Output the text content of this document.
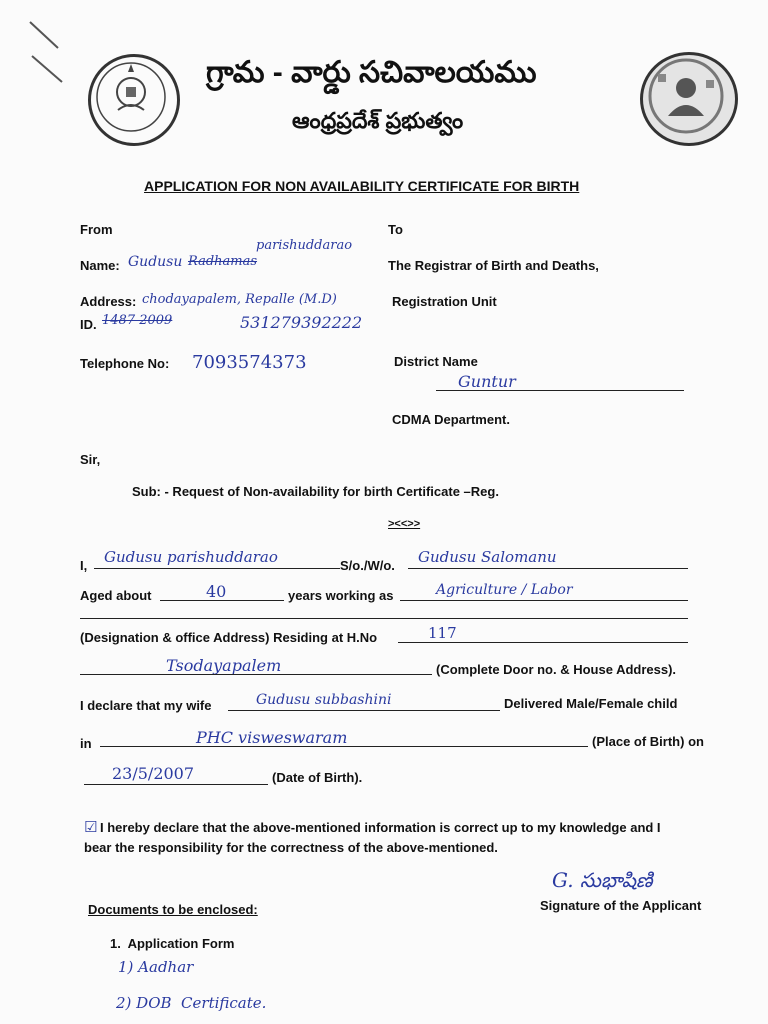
గ్రామ - వార్డు సచివాలయము
ఆంధ్రప్రదేశ్ ప్రభుత్వం
APPLICATION FOR NON AVAILABILITY CERTIFICATE FOR BIRTH
From
Name: Gudusu Radhamas
parishuddarao
Address: chodayapalem, Repalle (M.D)
ID. 1487 2009	531279392222
Telephone No: 7093574373
To
The Registrar of Birth and Deaths,
Registration Unit
District Name
Guntur
CDMA Department.
Sir,
Sub: - Request of Non-availability for birth Certificate –Reg.
><<>>
I, Gudusu parishuddarao	S/o./W/o. Gudusu Salomanu
Aged about	40	years working as	Agriculture / Labor
(Designation & office Address) Residing at H.No	117
Tsodayapalem	(Complete Door no. & House Address).
I declare that my wife	Gudusu subbashini	Delivered Male/Female child
in	PHC visweswaram	(Place of Birth) on
23/5/2007	(Date of Birth).
☑ I hereby declare that the above-mentioned information is correct up to my knowledge and I
bear the responsibility for the correctness of the above-mentioned.
G. సుభాషిణి
Signature of the Applicant
Documents to be enclosed:
1.  Application Form
1) Aadhar
2) DOB  Certificate.
